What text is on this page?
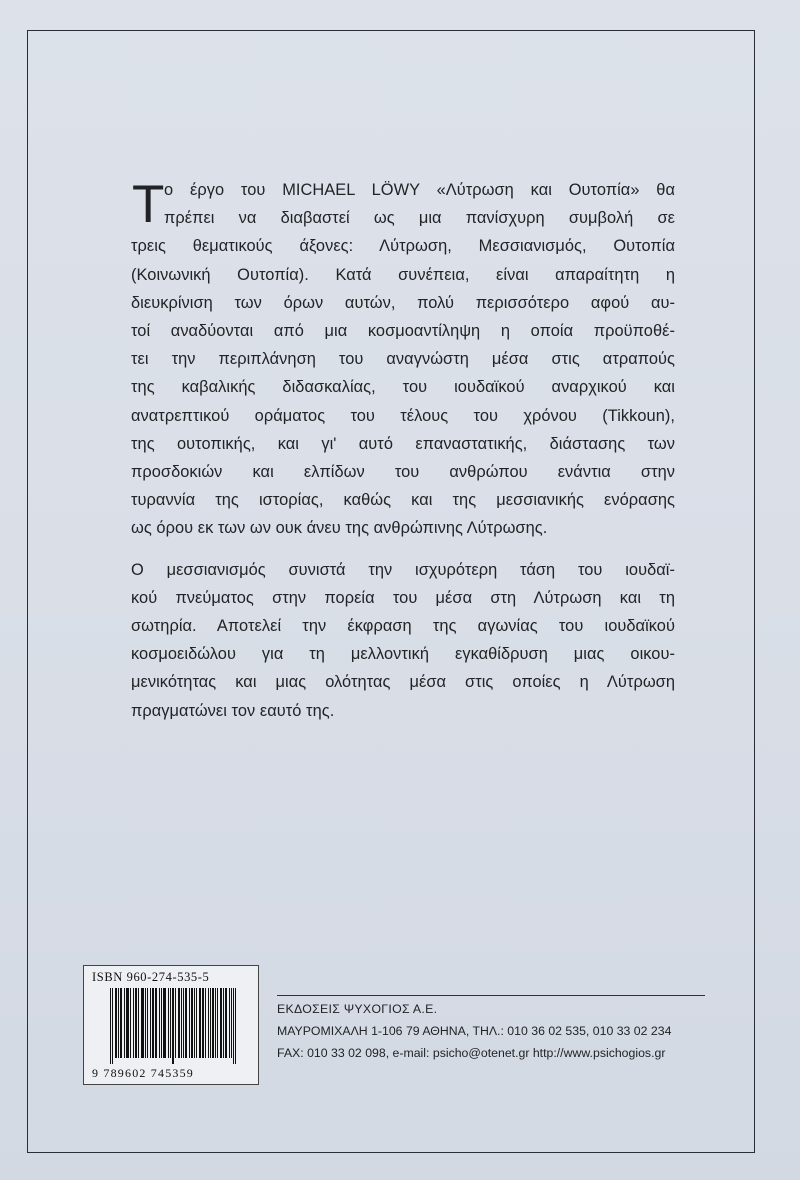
Τ ο έργο του MICHAEL LÖWY «Λύτρωση και Ουτοπία» θα
πρέπει να διαβαστεί ως μια πανίσχυρη συμβολή σε
τρεις θεματικούς άξονες: Λύτρωση, Μεσσιανισμός, Ουτοπία
(Κοινωνική Ουτοπία). Κατά συνέπεια, είναι απαραίτητη η
διευκρίνιση των όρων αυτών, πολύ περισσότερο αφού αυ-
τοί αναδύονται από μια κοσμοαντίληψη η οποία προϋποθέ-
τει την περιπλάνηση του αναγνώστη μέσα στις ατραπούς
της καβαλικής διδασκαλίας, του ιουδαϊκού αναρχικού και
ανατρεπτικού οράματος του τέλους του χρόνου (Tikkoun),
της ουτοπικής, και γι' αυτό επαναστατικής, διάστασης των
προσδοκιών και ελπίδων του ανθρώπου ενάντια στην
τυραννία της ιστορίας, καθώς και της μεσσιανικής ενόρασης
ως όρου εκ των ων ουκ άνευ της ανθρώπινης Λύτρωσης.

Ο μεσσιανισμός συνιστά την ισχυρότερη τάση του ιουδαϊ-
κού πνεύματος στην πορεία του μέσα στη Λύτρωση και τη
σωτηρία. Αποτελεί την έκφραση της αγωνίας του ιουδαϊκού
κοσμοειδώλου για τη μελλοντική εγκαθίδρυση μιας οικου-
μενικότητας και μιας ολότητας μέσα στις οποίες η Λύτρωση
πραγματώνει τον εαυτό της.

ISBN 960-274-535-5
9 789602 745359
ΕΚΔΟΣΕΙΣ ΨΥΧΟΓΙΟΣ Α.Ε.
ΜΑΥΡΟΜΙΧΑΛΗ 1-106 79 ΑΘΗΝΑ, ΤΗΛ.: 010 36 02 535, 010 33 02 234
FAX: 010 33 02 098, e-mail: psicho@otenet.gr http://www.psichogios.gr
